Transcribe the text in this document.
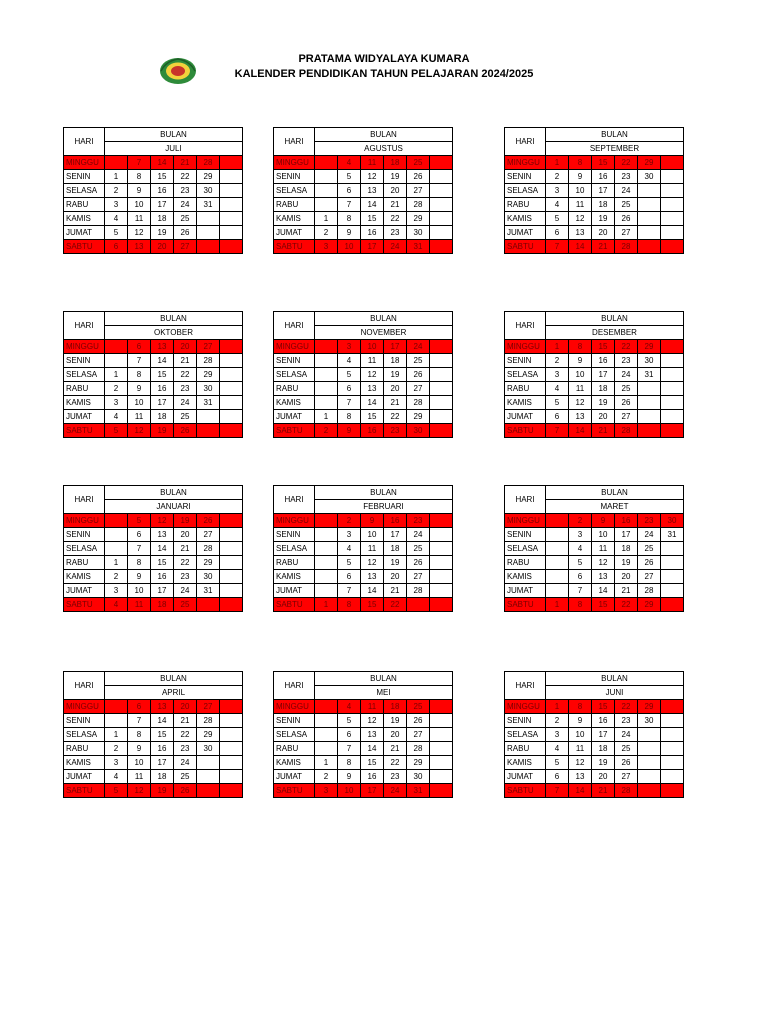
PRATAMA WIDYALAYA KUMARA
KALENDER PENDIDIKAN TAHUN PELAJARAN 2024/2025
HARI	BULAN					
	JULI					
MINGGU		7	14	21	28	
SENIN	1	8	15	22	29	
SELASA	2	9	16	23	30	
RABU	3	10	17	24	31	
KAMIS	4	11	18	25		
JUMAT	5	12	19	26		
SABTU	6	13	20	27		
HARI	BULAN					
	AGUSTUS					
MINGGU		4	11	18	25	
SENIN		5	12	19	26	
SELASA		6	13	20	27	
RABU		7	14	21	28	
KAMIS	1	8	15	22	29	
JUMAT	2	9	16	23	30	
SABTU	3	10	17	24	31	
HARI	BULAN					
	SEPTEMBER					
MINGGU	1	8	15	22	29	
SENIN	2	9	16	23	30	
SELASA	3	10	17	24		
RABU	4	11	18	25		
KAMIS	5	12	19	26		
JUMAT	6	13	20	27		
SABTU	7	14	21	28		
HARI	BULAN					
	OKTOBER					
MINGGU		6	13	20	27	
SENIN		7	14	21	28	
SELASA	1	8	15	22	29	
RABU	2	9	16	23	30	
KAMIS	3	10	17	24	31	
JUMAT	4	11	18	25		
SABTU	5	12	19	26		
HARI	BULAN					
	NOVEMBER					
MINGGU		3	10	17	24	
SENIN		4	11	18	25	
SELASA		5	12	19	26	
RABU		6	13	20	27	
KAMIS		7	14	21	28	
JUMAT	1	8	15	22	29	
SABTU	2	9	16	23	30	
HARI	BULAN					
	DESEMBER					
MINGGU	1	8	15	22	29	
SENIN	2	9	16	23	30	
SELASA	3	10	17	24	31	
RABU	4	11	18	25		
KAMIS	5	12	19	26		
JUMAT	6	13	20	27		
SABTU	7	14	21	28		
HARI	BULAN					
	JANUARI					
MINGGU		5	12	19	26	
SENIN		6	13	20	27	
SELASA		7	14	21	28	
RABU	1	8	15	22	29	
KAMIS	2	9	16	23	30	
JUMAT	3	10	17	24	31	
SABTU	4	11	18	25		
HARI	BULAN					
	FEBRUARI					
MINGGU		2	9	16	23	
SENIN		3	10	17	24	
SELASA		4	11	18	25	
RABU		5	12	19	26	
KAMIS		6	13	20	27	
JUMAT		7	14	21	28	
SABTU	1	8	15	22		
HARI	BULAN					
	MARET					
MINGGU		2	9	16	23	30
SENIN		3	10	17	24	31
SELASA		4	11	18	25	
RABU		5	12	19	26	
KAMIS		6	13	20	27	
JUMAT		7	14	21	28	
SABTU	1	8	15	22	29	
HARI	BULAN					
	APRIL					
MINGGU		6	13	20	27	
SENIN		7	14	21	28	
SELASA	1	8	15	22	29	
RABU	2	9	16	23	30	
KAMIS	3	10	17	24		
JUMAT	4	11	18	25		
SABTU	5	12	19	26		
HARI	BULAN					
	MEI					
MINGGU		4	11	18	25	
SENIN		5	12	19	26	
SELASA		6	13	20	27	
RABU		7	14	21	28	
KAMIS	1	8	15	22	29	
JUMAT	2	9	16	23	30	
SABTU	3	10	17	24	31	
HARI	BULAN					
	JUNI					
MINGGU	1	8	15	22	29	
SENIN	2	9	16	23	30	
SELASA	3	10	17	24		
RABU	4	11	18	25		
KAMIS	5	12	19	26		
JUMAT	6	13	20	27		
SABTU	7	14	21	28		
